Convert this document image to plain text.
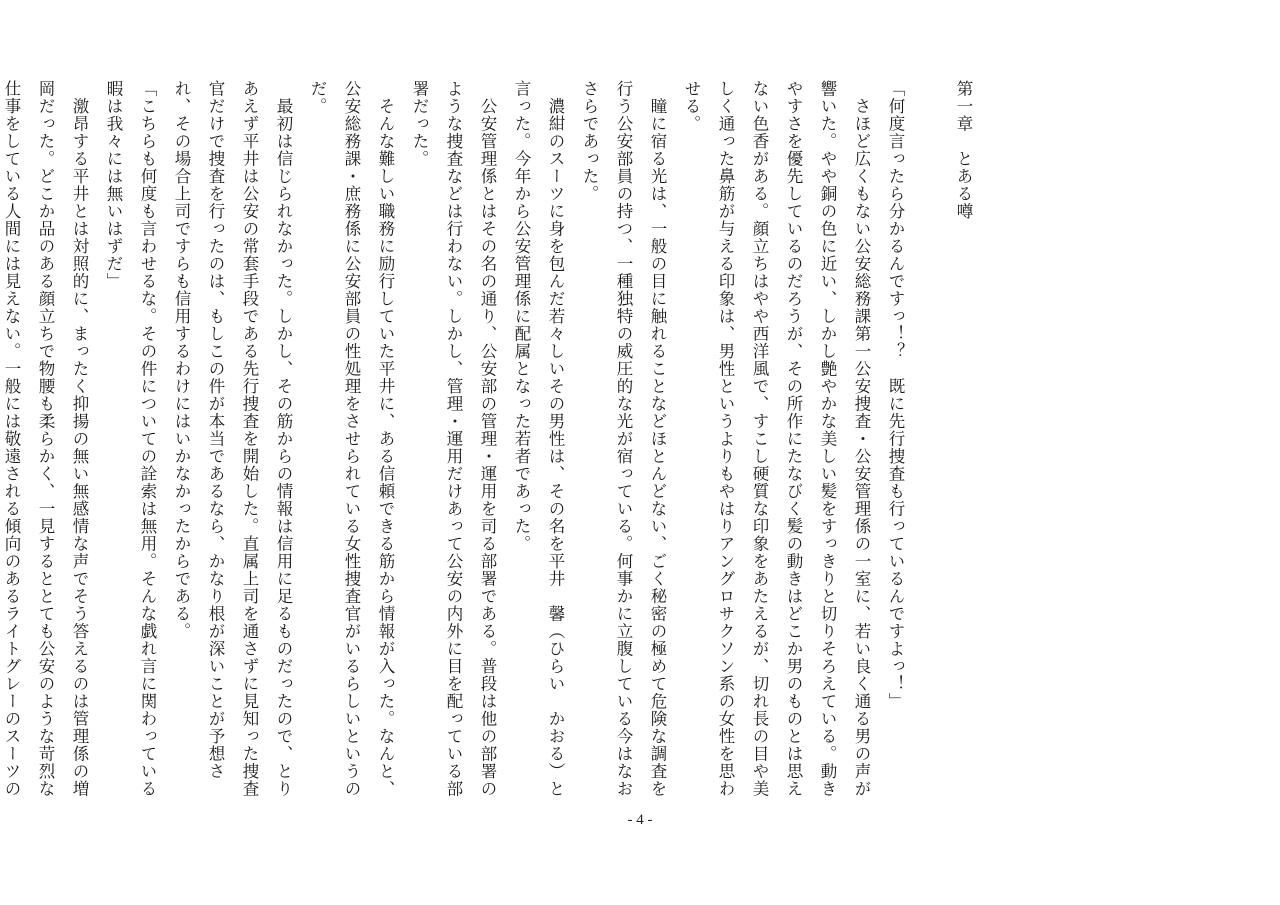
第一章　とある噂

「何度言ったら分かるんですっ！？　既に先行捜査も行っているんですよっ！」

　さほど広くもない公安総務課第一公安捜査・公安管理係の一室に、若い良く通る男の声が響いた。やや銅の色に近い、しかし艶やかな美しい髪をすっきりと切りそろえている。動きやすさを優先しているのだろうが、その所作にたなびく髪の動きはどこか男のものとは思えない色香がある。顔立ちはやや西洋風で、すこし硬質な印象をあたえるが、切れ長の目や美しく通った鼻筋が与える印象は、男性というよりもやはりアングロサクソン系の女性を思わせる。

　瞳に宿る光は、一般の目に触れることなどほとんどない、ごく秘密の極めて危険な調査を行う公安部員の持つ、一種独特の威圧的な光が宿っている。何事かに立腹している今はなおさらであった。

　濃紺のスーツに身を包んだ若々しいその男性は、その名を平井　馨（ひらい　かおる）と言った。今年から公安管理係に配属となった若者であった。

　公安管理係とはその名の通り、公安部の管理・運用を司る部署である。普段は他の部署のような捜査などは行わない。しかし、管理・運用だけあって公安の内外に目を配っている部署だった。

　そんな難しい職務に励行していた平井に、ある信頼できる筋から情報が入った。なんと、公安総務課・庶務係に公安部員の性処理をさせられている女性捜査官がいるらしいというのだ。

　最初は信じられなかった。しかし、その筋からの情報は信用に足るものだったので、とりあえず平井は公安の常套手段である先行捜査を開始した。直属上司を通さずに見知った捜査官だけで捜査を行ったのは、もしこの件が本当であるなら、かなり根が深いことが予想され、その場合上司ですらも信用するわけにはいかなかったからである。

「こちらも何度も言わせるな。その件についての詮索は無用。そんな戯れ言に関わっている暇は我々には無いはずだ」

　激昂する平井とは対照的に、まったく抑揚の無い無感情な声でそう答えるのは管理係の増岡だった。どこか品のある顔立ちで物腰も柔らかく、一見するととても公安のような苛烈な仕事をしている人間には見えない。一般には敬遠される傾向のあるライトグレーのスーツの

- 4 -
